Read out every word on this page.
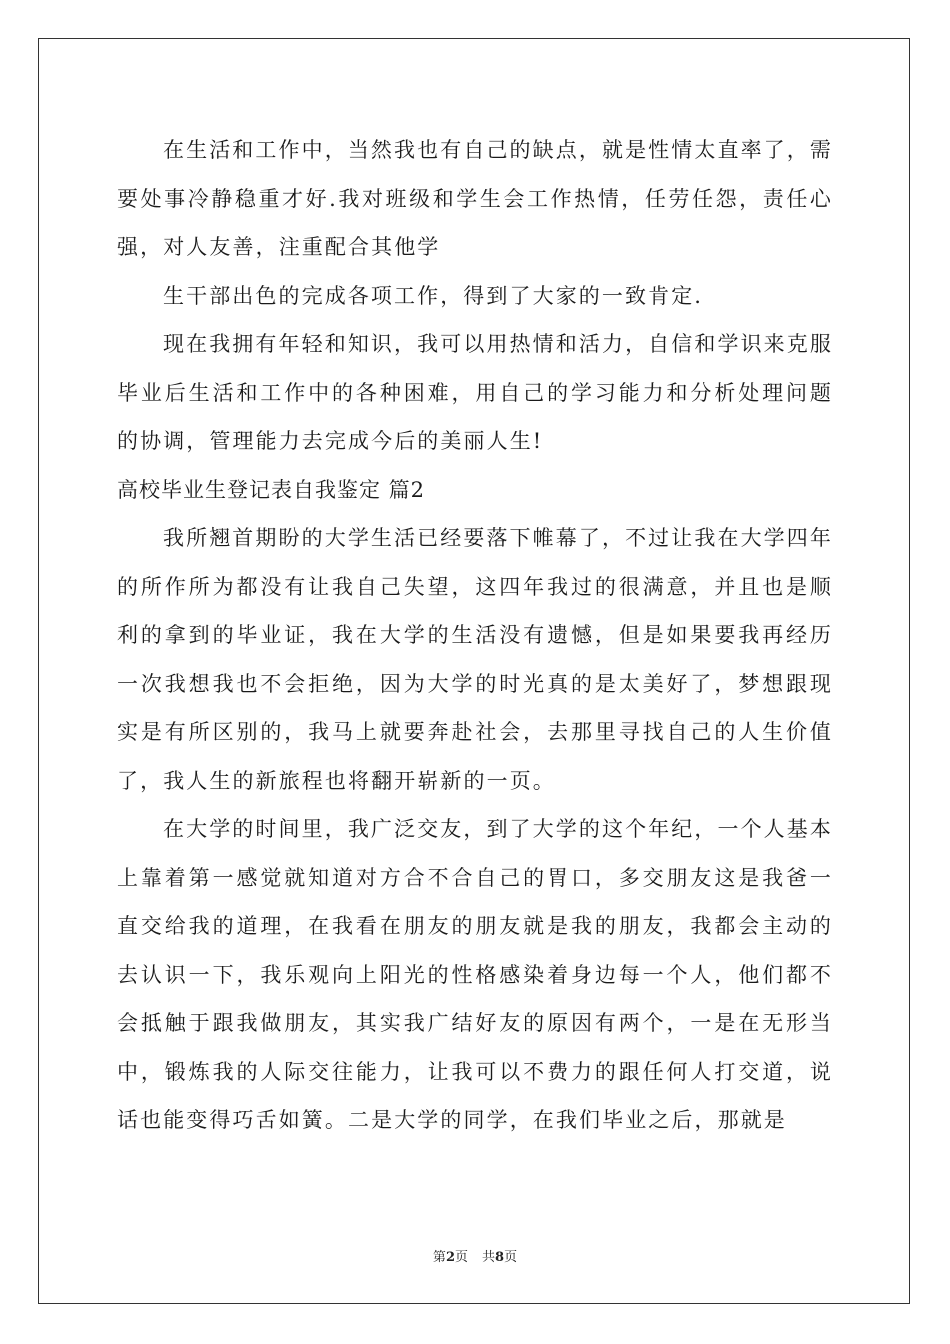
在生活和工作中，当然我也有自己的缺点，就是性情太直率了，需要处事冷静稳重才好.我对班级和学生会工作热情，任劳任怨，责任心强，对人友善，注重配合其他学

生干部出色的完成各项工作，得到了大家的一致肯定.

现在我拥有年轻和知识，我可以用热情和活力，自信和学识来克服毕业后生活和工作中的各种困难，用自己的学习能力和分析处理问题的协调，管理能力去完成今后的美丽人生!

高校毕业生登记表自我鉴定 篇2

我所翘首期盼的大学生活已经要落下帷幕了，不过让我在大学四年的所作所为都没有让我自己失望，这四年我过的很满意，并且也是顺利的拿到的毕业证，我在大学的生活没有遗憾，但是如果要我再经历一次我想我也不会拒绝，因为大学的时光真的是太美好了，梦想跟现实是有所区别的，我马上就要奔赴社会，去那里寻找自己的人生价值了，我人生的新旅程也将翻开崭新的一页。

在大学的时间里，我广泛交友，到了大学的这个年纪，一个人基本上靠着第一感觉就知道对方合不合自己的胃口，多交朋友这是我爸一直交给我的道理，在我看在朋友的朋友就是我的朋友，我都会主动的去认识一下，我乐观向上阳光的性格感染着身边每一个人，他们都不会抵触于跟我做朋友，其实我广结好友的原因有两个，一是在无形当中，锻炼我的人际交往能力，让我可以不费力的跟任何人打交道，说话也能变得巧舌如簧。二是大学的同学，在我们毕业之后，那就是

第2页 共8页
